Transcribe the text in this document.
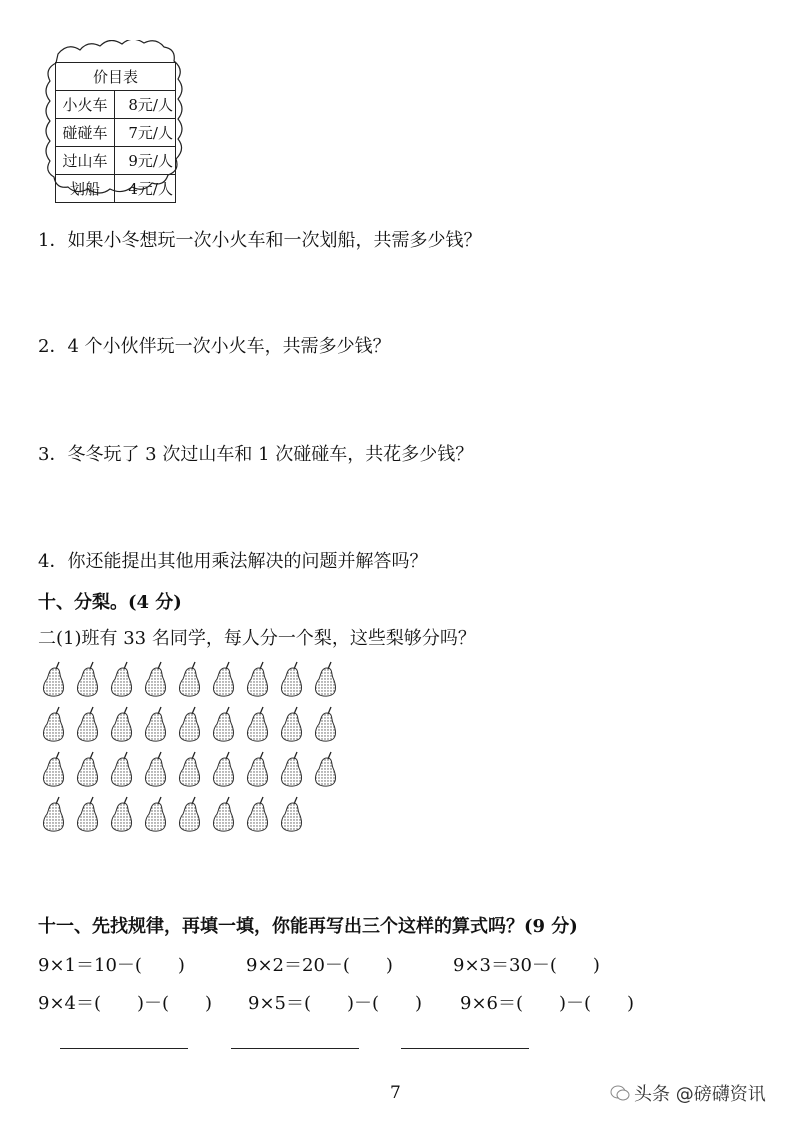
价目表	
小火车	8元/人
碰碰车	7元/人
过山车	9元/人
划船	4元/人
1．如果小冬想玩一次小火车和一次划船，共需多少钱？
2．4 个小伙伴玩一次小火车，共需多少钱？
3．冬冬玩了 3 次过山车和 1 次碰碰车，共花多少钱？
4．你还能提出其他用乘法解决的问题并解答吗？
十、分梨。(4 分)
二(1)班有 33 名同学，每人分一个梨，这些梨够分吗？
十一、先找规律，再填一填，你能再写出三个这样的算式吗？(9 分)
9×1＝10－(　　)	9×2＝20－(　　)	9×3＝30－(　　)
9×4＝(　　)－(　　) 9×5＝(　　)－(　　) 9×6＝(　　)－(　　)
7	头条 @磅礴资讯
